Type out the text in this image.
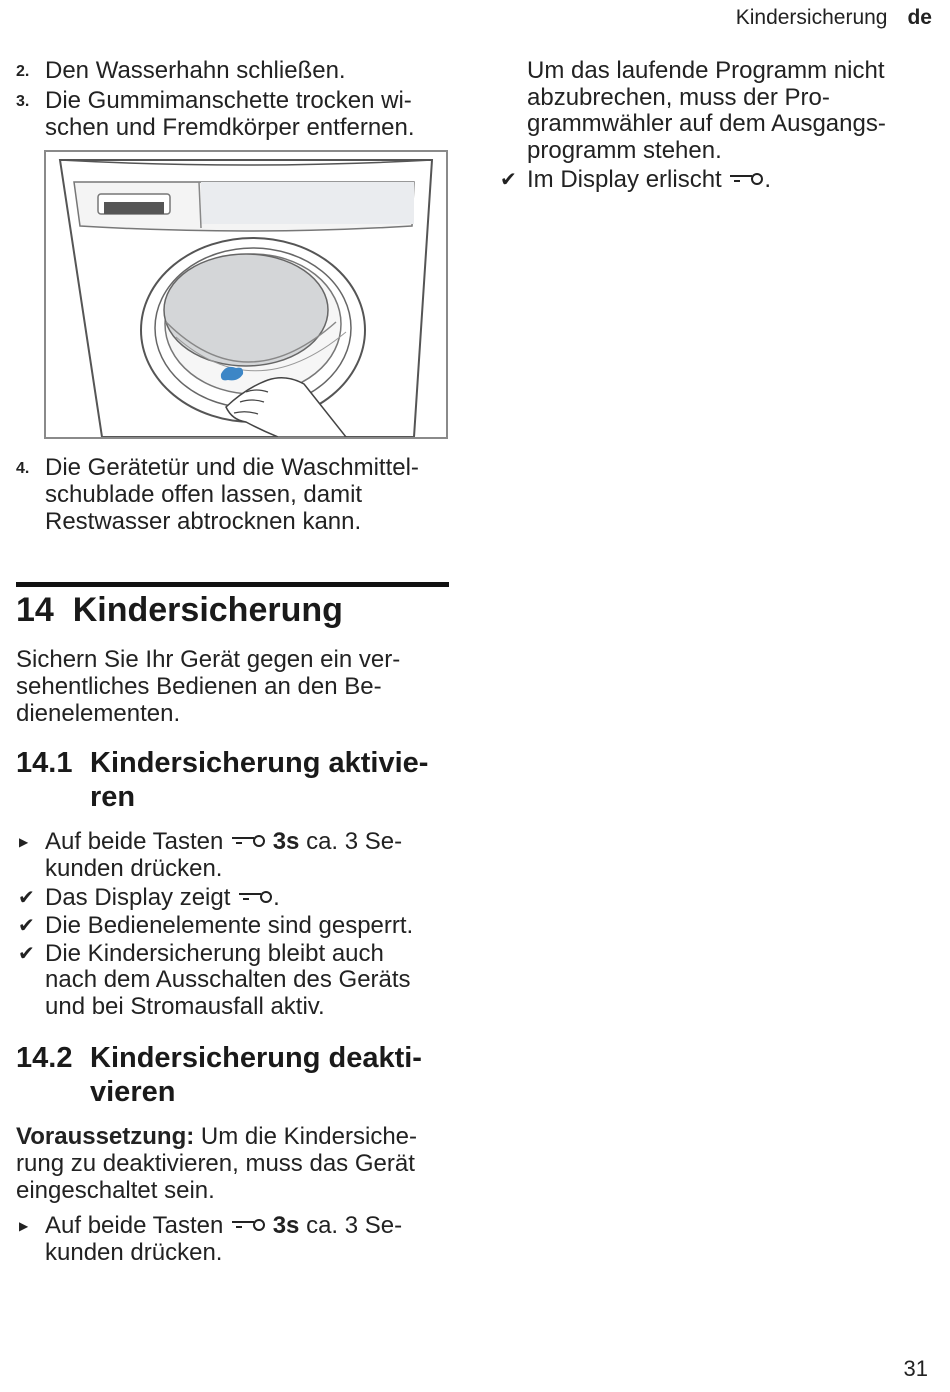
Kindersicherung de
2. Den Wasserhahn schließen.
3. Die Gummimanschette trocken wi-
schen und Fremdkörper entfernen.
4. Die Gerätetür und die Waschmittel-
schublade offen lassen, damit
Restwasser abtrocknen kann.
Um das laufende Programm nicht
abzubrechen, muss der Pro-
grammwähler auf dem Ausgangs-
programm stehen.
✔ Im Display erlischt .
14 Kindersicherung
Sichern Sie Ihr Gerät gegen ein ver-
sehentliches Bedienen an den Be-
dienelementen.
14.1 Kindersicherung aktivie-
ren
▶ Auf beide Tasten 3s ca. 3 Se-
kunden drücken.
✔ Das Display zeigt .
✔ Die Bedienelemente sind gesperrt.
✔ Die Kindersicherung bleibt auch
nach dem Ausschalten des Geräts
und bei Stromausfall aktiv.
14.2 Kindersicherung deakti-
vieren
Voraussetzung: Um die Kindersiche-
rung zu deaktivieren, muss das Gerät
eingeschaltet sein.
▶ Auf beide Tasten 3s ca. 3 Se-
kunden drücken.
31
